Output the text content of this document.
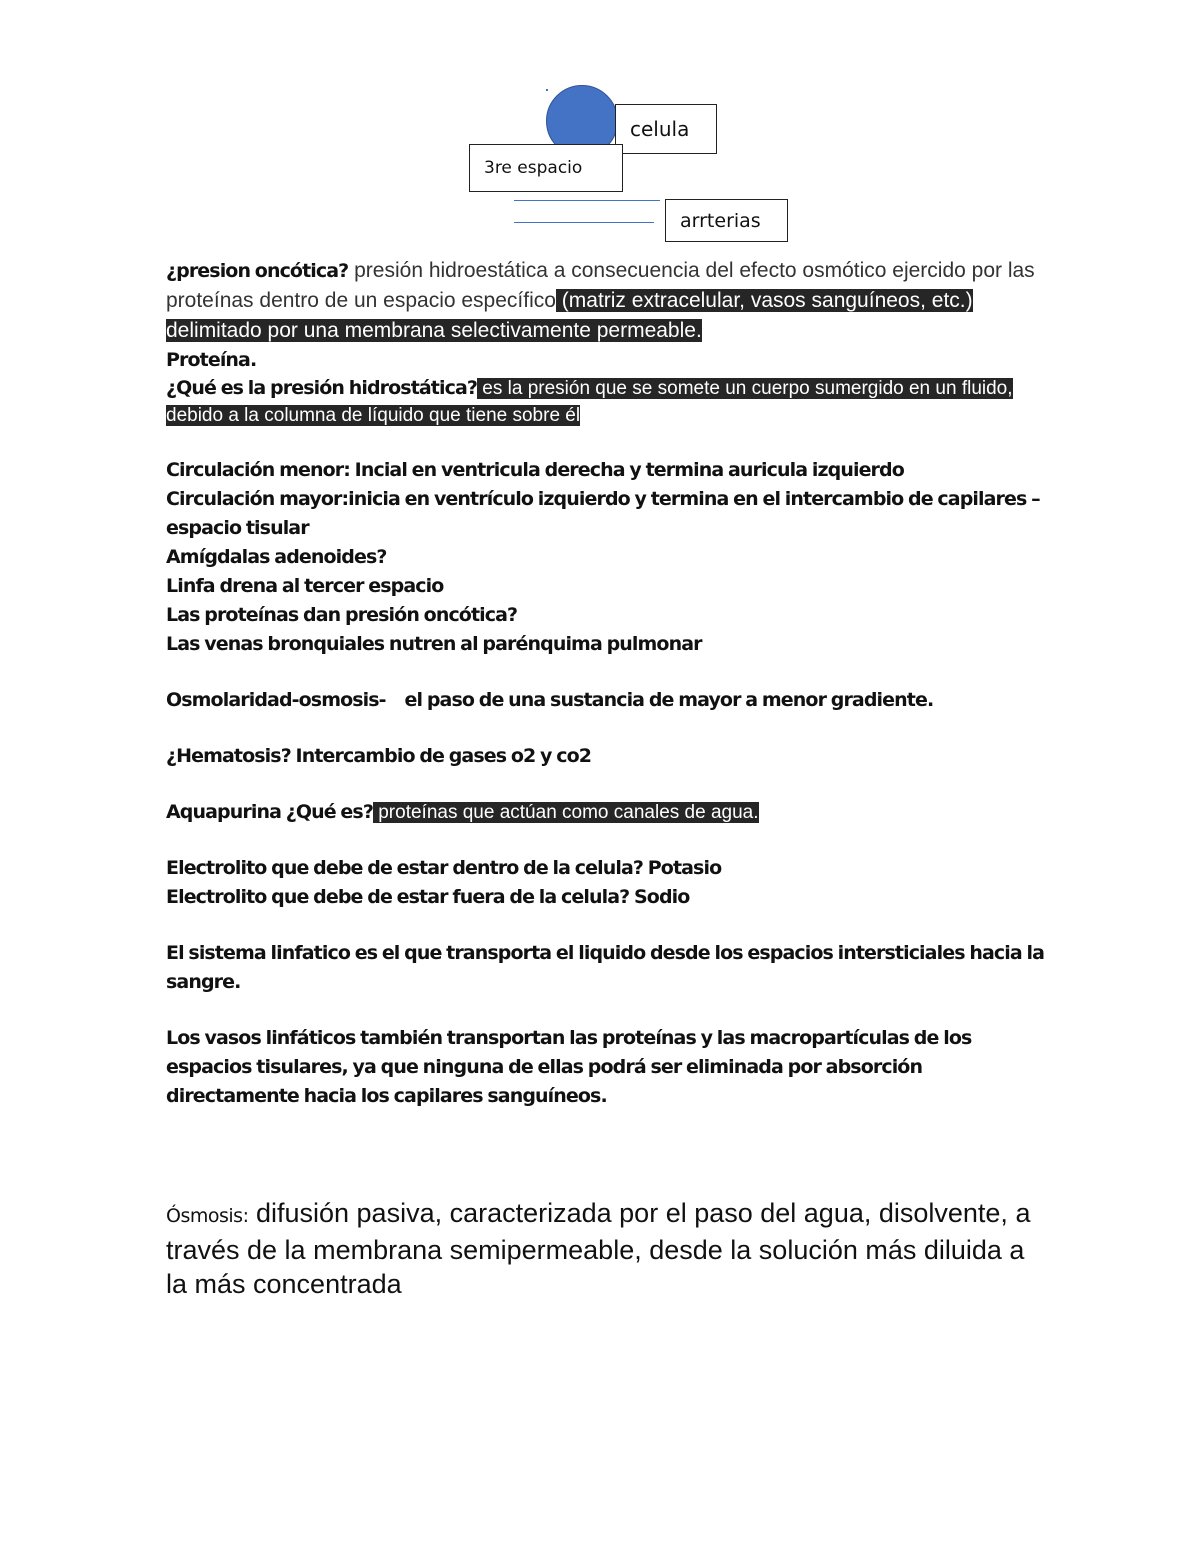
celula
3re espacio
arrterias

¿presion oncótica? presión hidroestática a consecuencia del efecto osmótico ejercido por las proteínas dentro de un espacio específico (matriz extracelular, vasos sanguíneos, etc.) delimitado por una membrana selectivamente permeable.

Proteína.

¿Qué es la presión hidrostática? es la presión que se somete un cuerpo sumergido en un fluido, debido a la columna de líquido que tiene sobre él

Circulación menor: Incial en ventricula derecha y termina auricula izquierdo

Circulación mayor:inicia en ventrículo izquierdo y termina en el intercambio de capilares – espacio tisular

Amígdalas adenoides?

Linfa drena al tercer espacio

Las proteínas dan presión oncótica?

Las venas bronquiales nutren al parénquima pulmonar

Osmolaridad-osmosis-    el paso de una sustancia de mayor a menor gradiente.

¿Hematosis? Intercambio de gases o2 y co2

Aquapurina ¿Qué es? proteínas que actúan como canales de agua.

Electrolito que debe de estar dentro de la celula? Potasio

Electrolito que debe de estar fuera de la celula? Sodio

El sistema linfatico es el que transporta el liquido desde los espacios intersticiales hacia la sangre.

Los vasos linfáticos también transportan las proteínas y las macropartículas de los espacios tisulares, ya que ninguna de ellas podrá ser eliminada por absorción directamente hacia los capilares sanguíneos.

Ósmosis: difusión pasiva, caracterizada por el paso del agua, disolvente, a través de la membrana semipermeable, desde la solución más diluida a la más concentrada
